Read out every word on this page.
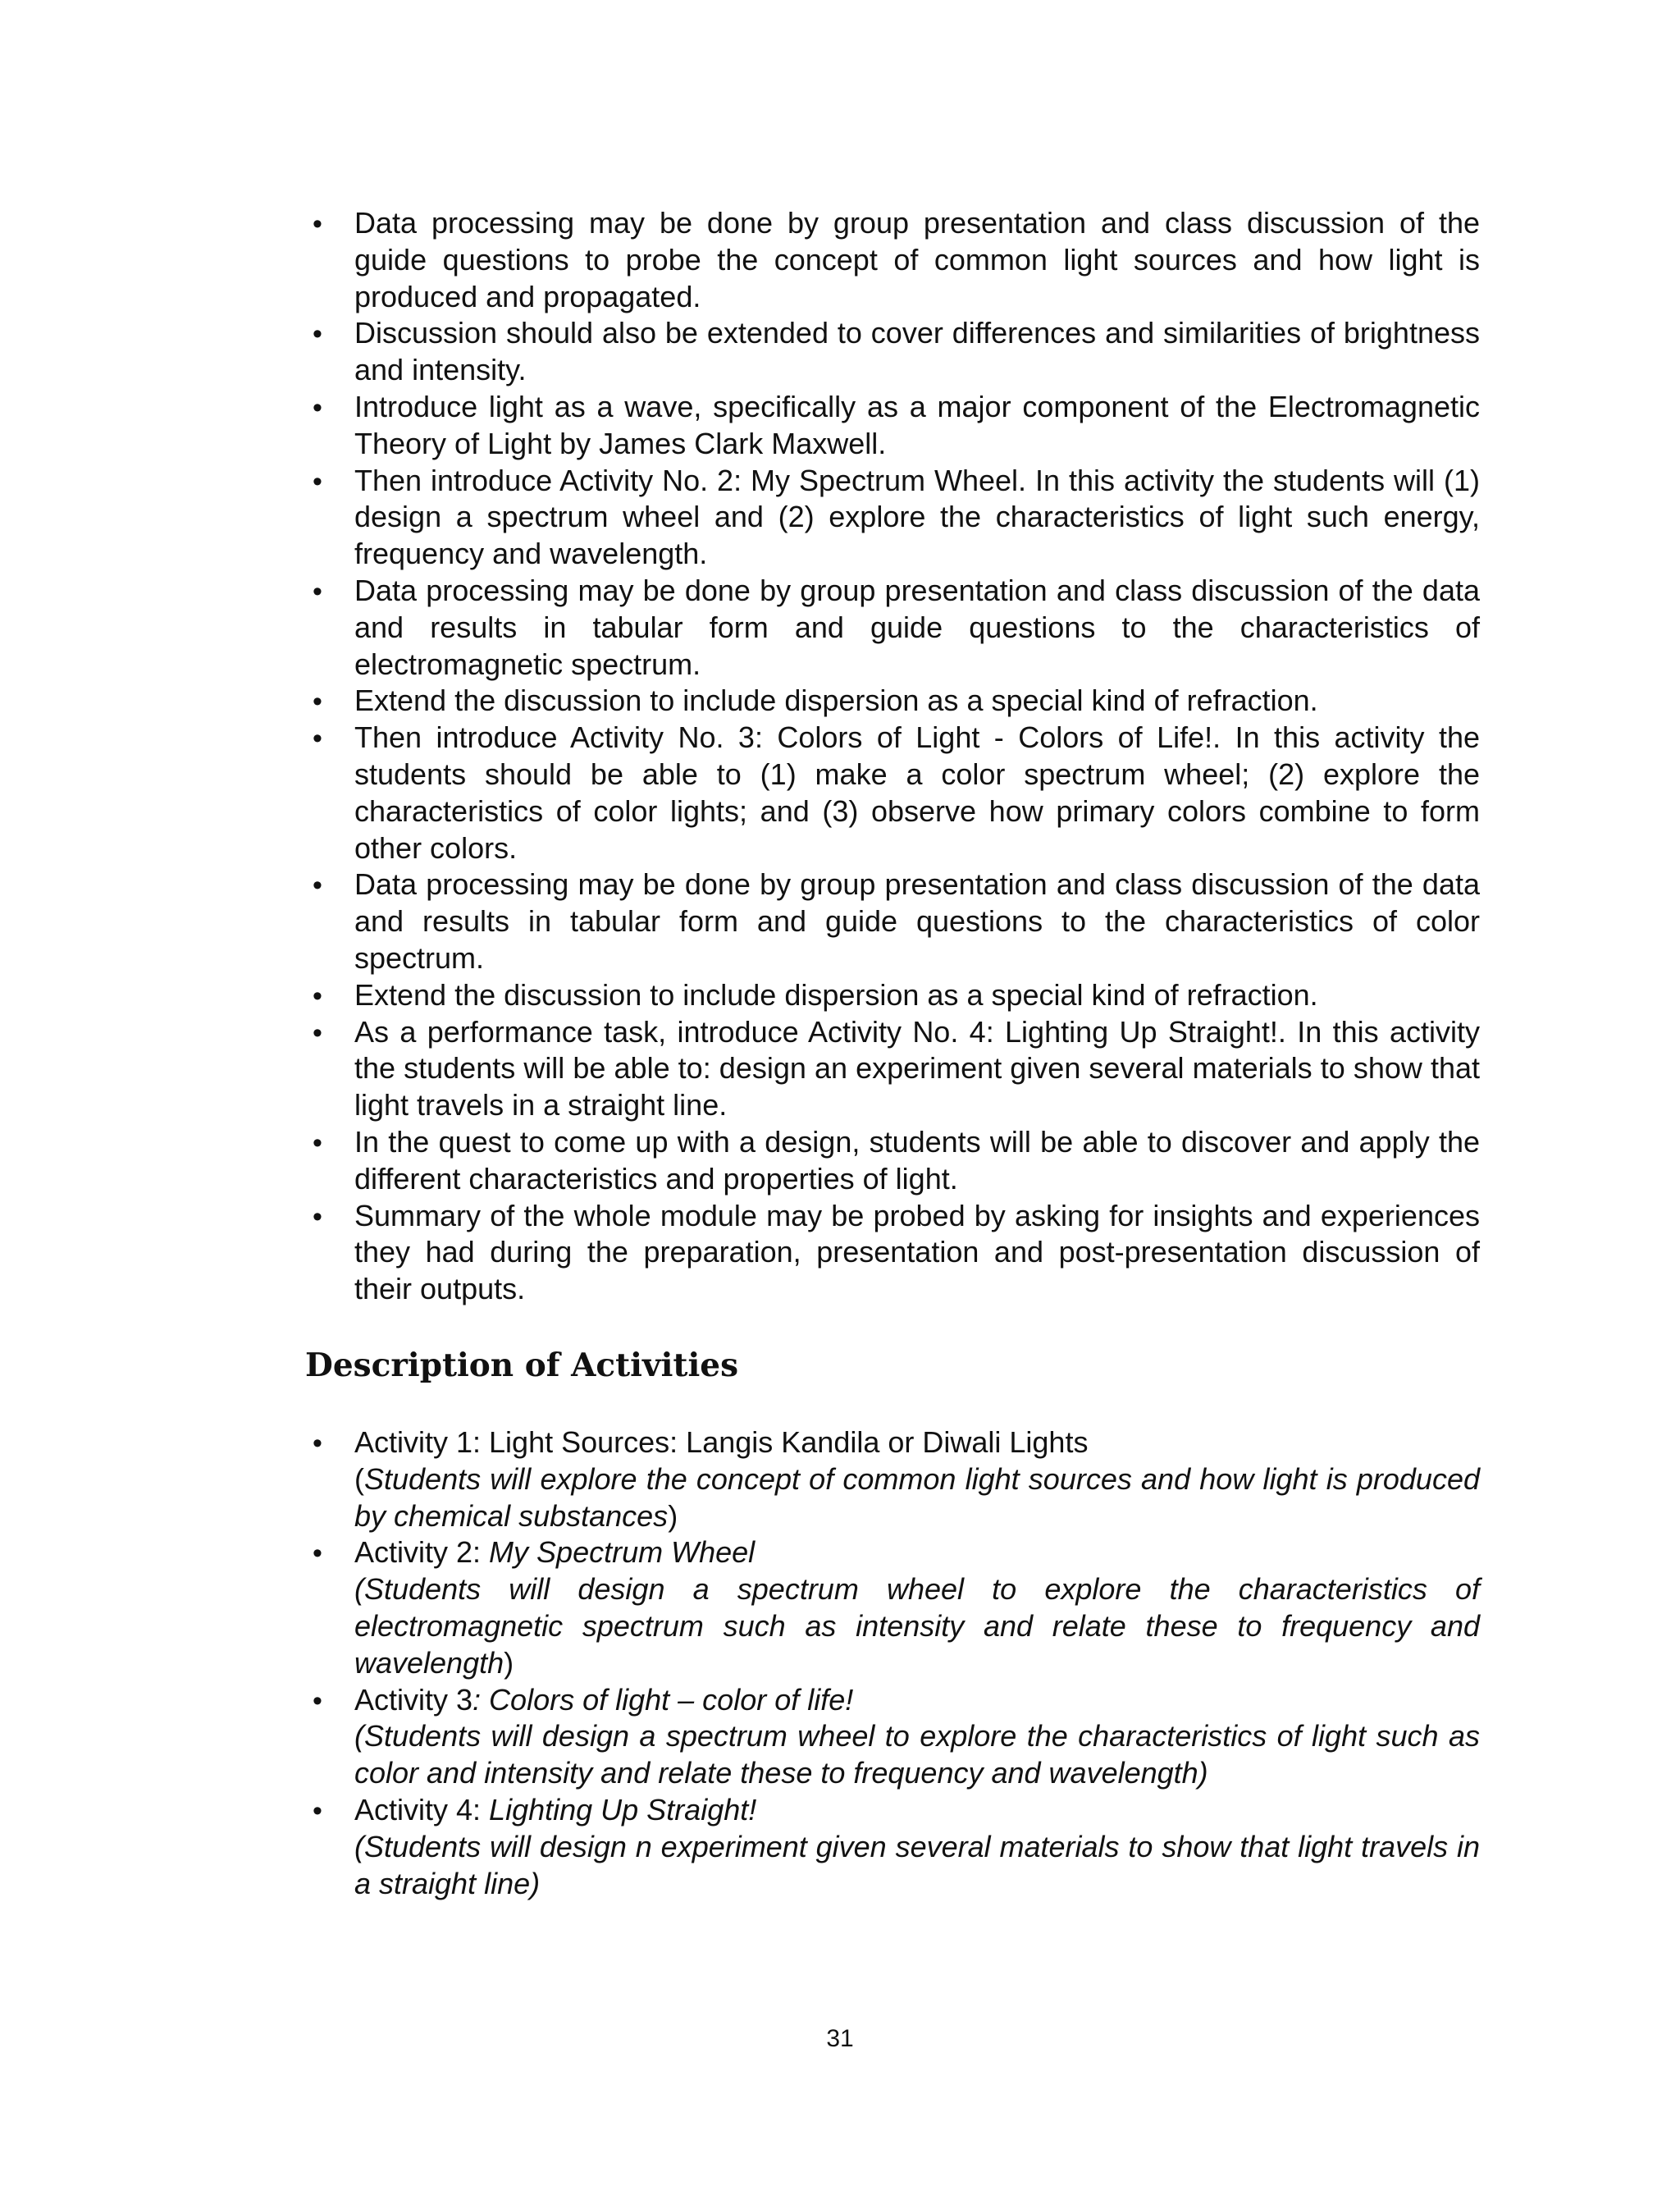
•
Data processing may be done by group presentation and class discussion of the guide questions to probe the concept of common light sources and how light is produced and propagated.
•
Discussion should also be extended to cover differences and similarities of brightness and intensity.
•
Introduce light as a wave, specifically as a major component of the Electromagnetic Theory of Light by James Clark Maxwell.
•
Then introduce Activity No. 2: My Spectrum Wheel. In this activity the students will (1) design a spectrum wheel and (2) explore the characteristics of light such energy, frequency and wavelength.
•
Data processing may be done by group presentation and class discussion of the data and results in tabular form and guide questions to the characteristics of electromagnetic spectrum.
•
Extend the discussion to include dispersion as a special kind of refraction.
•
Then introduce Activity No. 3: Colors of Light - Colors of Life!. In this activity the students should be able to (1) make a color spectrum wheel; (2) explore the characteristics of color lights; and (3) observe how primary colors combine to form other colors.
•
Data processing may be done by group presentation and class discussion of the data and results in tabular form and guide questions to the characteristics of color spectrum.
•
Extend the discussion to include dispersion as a special kind of refraction.
•
As a performance task, introduce Activity No. 4: Lighting Up Straight!. In this activity the students will be able to: design an experiment given several materials to show that light travels in a straight line.
•
In the quest to come up with a design, students will be able to discover and apply the different characteristics and properties of light.
•
Summary of the whole module may be probed by asking for insights and experiences they had during the preparation, presentation and post-presentation discussion of their outputs.
Description of Activities
•
Activity 1: Light Sources: Langis Kandila or Diwali Lights
(Students will explore the concept of common light sources and how light is produced by chemical substances)
•
Activity 2: My Spectrum Wheel
(Students will design a spectrum wheel to explore the characteristics of electromagnetic spectrum such as intensity and relate these to frequency and wavelength)
•
Activity 3: Colors of light – color of life!
(Students will design a spectrum wheel to explore the characteristics of light such as color and intensity and relate these to frequency and wavelength)
•
Activity 4: Lighting Up Straight!
(Students will design n experiment given several materials to show that light travels in a straight line)
31
